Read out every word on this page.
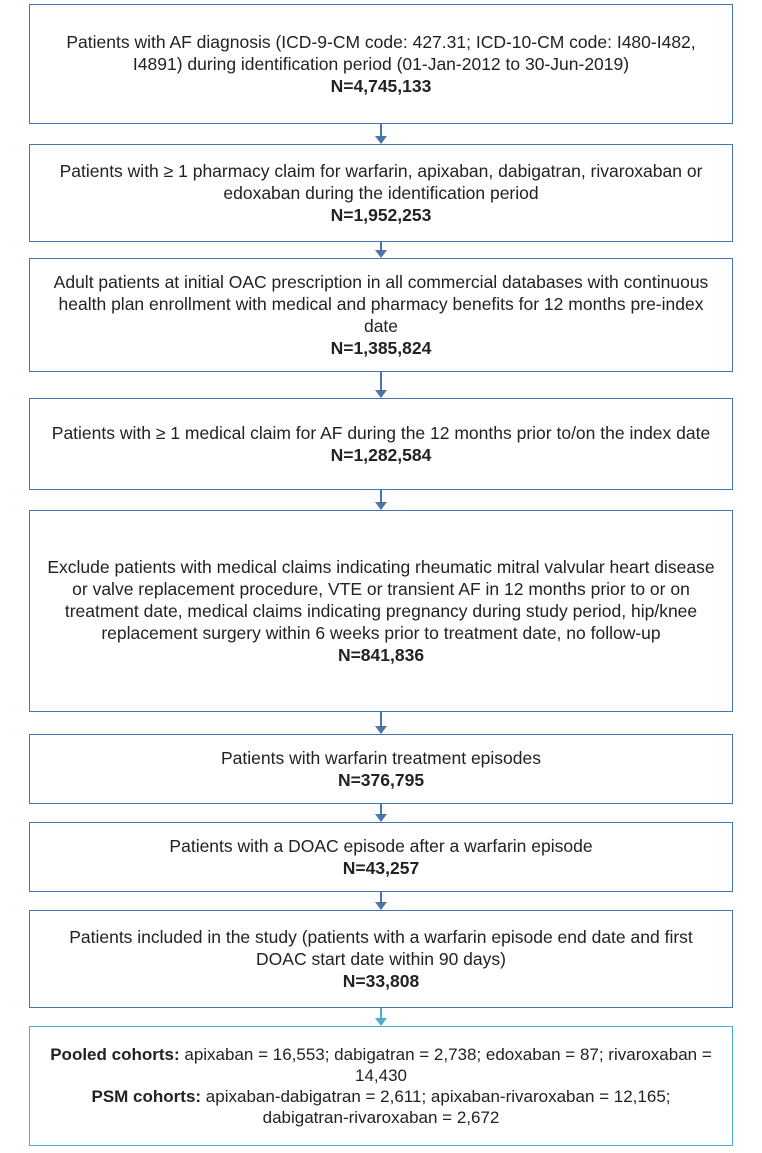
Patients with AF diagnosis (ICD-9-CM code: 427.31; ICD-10-CM code: I480-I482, I4891) during identification period (01-Jan-2012 to 30-Jun-2019)
N=4,745,133
Patients with ≥ 1 pharmacy claim for warfarin, apixaban, dabigatran, rivaroxaban or edoxaban during the identification period
N=1,952,253
Adult patients at initial OAC prescription in all commercial databases with continuous health plan enrollment with medical and pharmacy benefits for 12 months pre-index date
N=1,385,824
Patients with ≥ 1 medical claim for AF during the 12 months prior to/on the index date
N=1,282,584
Exclude patients with medical claims indicating rheumatic mitral valvular heart disease or valve replacement procedure, VTE or transient AF in 12 months prior to or on treatment date, medical claims indicating pregnancy during study period, hip/knee replacement surgery within 6 weeks prior to treatment date, no follow-up
N=841,836
Patients with warfarin treatment episodes
N=376,795
Patients with a DOAC episode after a warfarin episode
N=43,257
Patients included in the study (patients with a warfarin episode end date and first DOAC start date within 90 days)
N=33,808
Pooled cohorts: apixaban = 16,553; dabigatran = 2,738; edoxaban = 87; rivaroxaban = 14,430
PSM cohorts: apixaban-dabigatran = 2,611; apixaban-rivaroxaban = 12,165; dabigatran-rivaroxaban = 2,672
